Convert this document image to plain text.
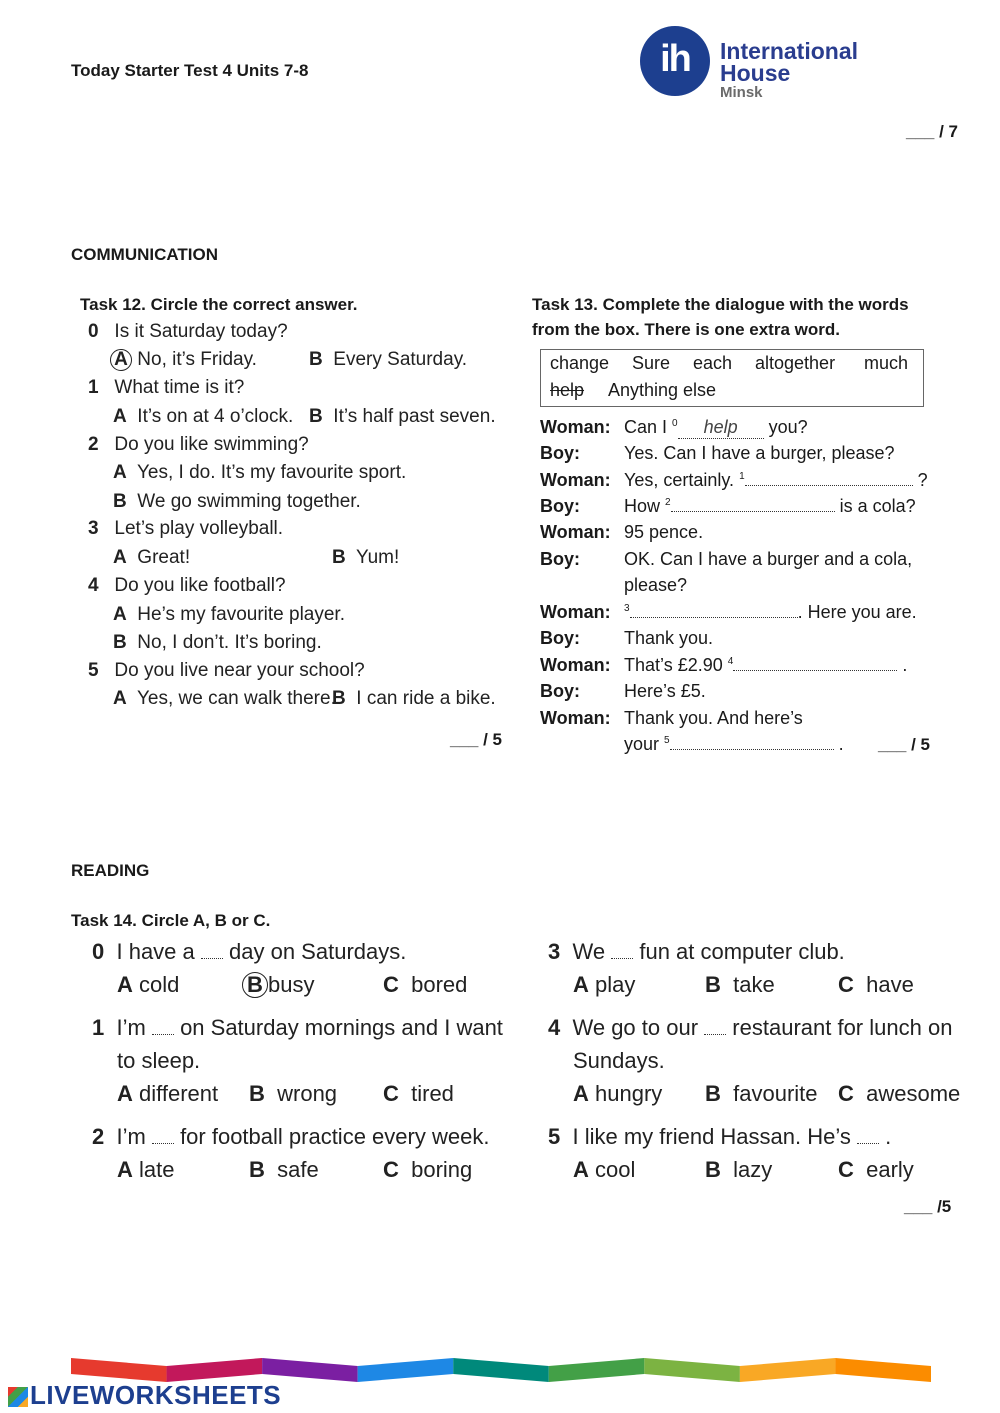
Today Starter Test 4 Units 7-8	ih	International
House
Minsk
___ / 7
COMMUNICATION
Task 12. Circle the correct answer.
0 Is it Saturday today?
A No, it’s Friday.	B Every Saturday.
1 What time is it?
A It’s on at 4 o’clock. B It’s half past seven.
2 Do you like swimming?
A Yes, I do. It’s my favourite sport.
B We go swimming together.
3 Let’s play volleyball.
A Great!	B Yum!
4 Do you like football?
A He’s my favourite player.
B No, I don’t. It’s boring.
5 Do you live near your school?
A Yes, we can walk there.
B I can ride a bike.
___ / 5
Task 13. Complete the dialogue with the words
from the box. There is one extra word.
change Sure each altogether much
help Anything else
Woman: Can I $^0$ help you?
Boy: Yes. Can I have a burger, please?
Woman: Yes, certainly. $^1$	?
Boy: How $^2$	is a cola?
Woman: 95 pence.
Boy: OK. Can I have a burger and a cola,
please?
Woman: $^3$	. Here you are.
Boy: Thank you.
Woman: That’s £2.90 $^4$	.
Boy: Here’s £5.
Woman: Thank you. And here’s
your $^5$	. ___ / 5
READING
Task 14. Circle A, B or C.
0 I have a day on Saturdays.
A cold	B busy	C bored
1 I’m on Saturday mornings and I want
to sleep.
A different B wrong C tired
2 I’m for football practice every week.
A late	B safe	C boring
3 We fun at computer club.
A play	B take	C have
4 We go to our restaurant for lunch on
Sundays.
A hungry B favourite C awesome
5 I like my friend Hassan. He’s .
A cool	B lazy	C early
___ /5
LIVEWORKSHEETS
